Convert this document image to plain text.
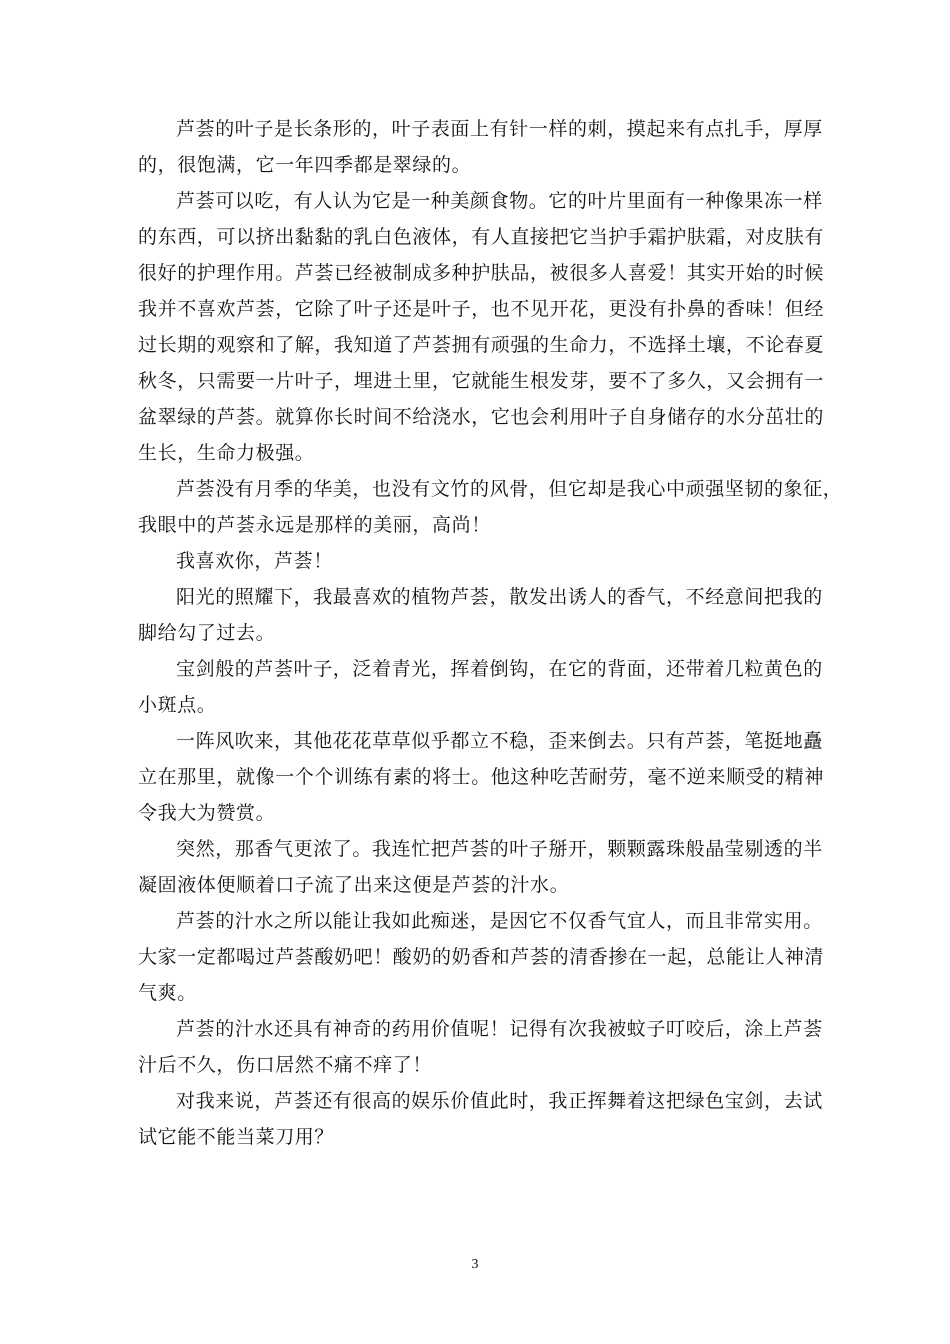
芦荟的叶子是长条形的，叶子表面上有针一样的刺，摸起来有点扎手，厚厚
的，很饱满，它一年四季都是翠绿的。
芦荟可以吃，有人认为它是一种美颜食物。它的叶片里面有一种像果冻一样
的东西，可以挤出黏黏的乳白色液体，有人直接把它当护手霜护肤霜，对皮肤有
很好的护理作用。芦荟已经被制成多种护肤品，被很多人喜爱！其实开始的时候
我并不喜欢芦荟，它除了叶子还是叶子，也不见开花，更没有扑鼻的香味！但经
过长期的观察和了解，我知道了芦荟拥有顽强的生命力，不选择土壤，不论春夏
秋冬，只需要一片叶子，埋进土里，它就能生根发芽，要不了多久，又会拥有一
盆翠绿的芦荟。就算你长时间不给浇水，它也会利用叶子自身储存的水分茁壮的
生长，生命力极强。
芦荟没有月季的华美，也没有文竹的风骨，但它却是我心中顽强坚韧的象征，
我眼中的芦荟永远是那样的美丽，高尚！
我喜欢你，芦荟！
阳光的照耀下，我最喜欢的植物芦荟，散发出诱人的香气，不经意间把我的
脚给勾了过去。
宝剑般的芦荟叶子，泛着青光，挥着倒钩，在它的背面，还带着几粒黄色的
小斑点。
一阵风吹来，其他花花草草似乎都立不稳，歪来倒去。只有芦荟，笔挺地矗
立在那里，就像一个个训练有素的将士。他这种吃苦耐劳，毫不逆来顺受的精神
令我大为赞赏。
突然，那香气更浓了。我连忙把芦荟的叶子掰开，颗颗露珠般晶莹剔透的半
凝固液体便顺着口子流了出来这便是芦荟的汁水。
芦荟的汁水之所以能让我如此痴迷，是因它不仅香气宜人，而且非常实用。
大家一定都喝过芦荟酸奶吧！酸奶的奶香和芦荟的清香掺在一起，总能让人神清
气爽。
芦荟的汁水还具有神奇的药用价值呢！记得有次我被蚊子叮咬后，涂上芦荟
汁后不久，伤口居然不痛不痒了！
对我来说，芦荟还有很高的娱乐价值此时，我正挥舞着这把绿色宝剑，去试
试它能不能当菜刀用？
3
